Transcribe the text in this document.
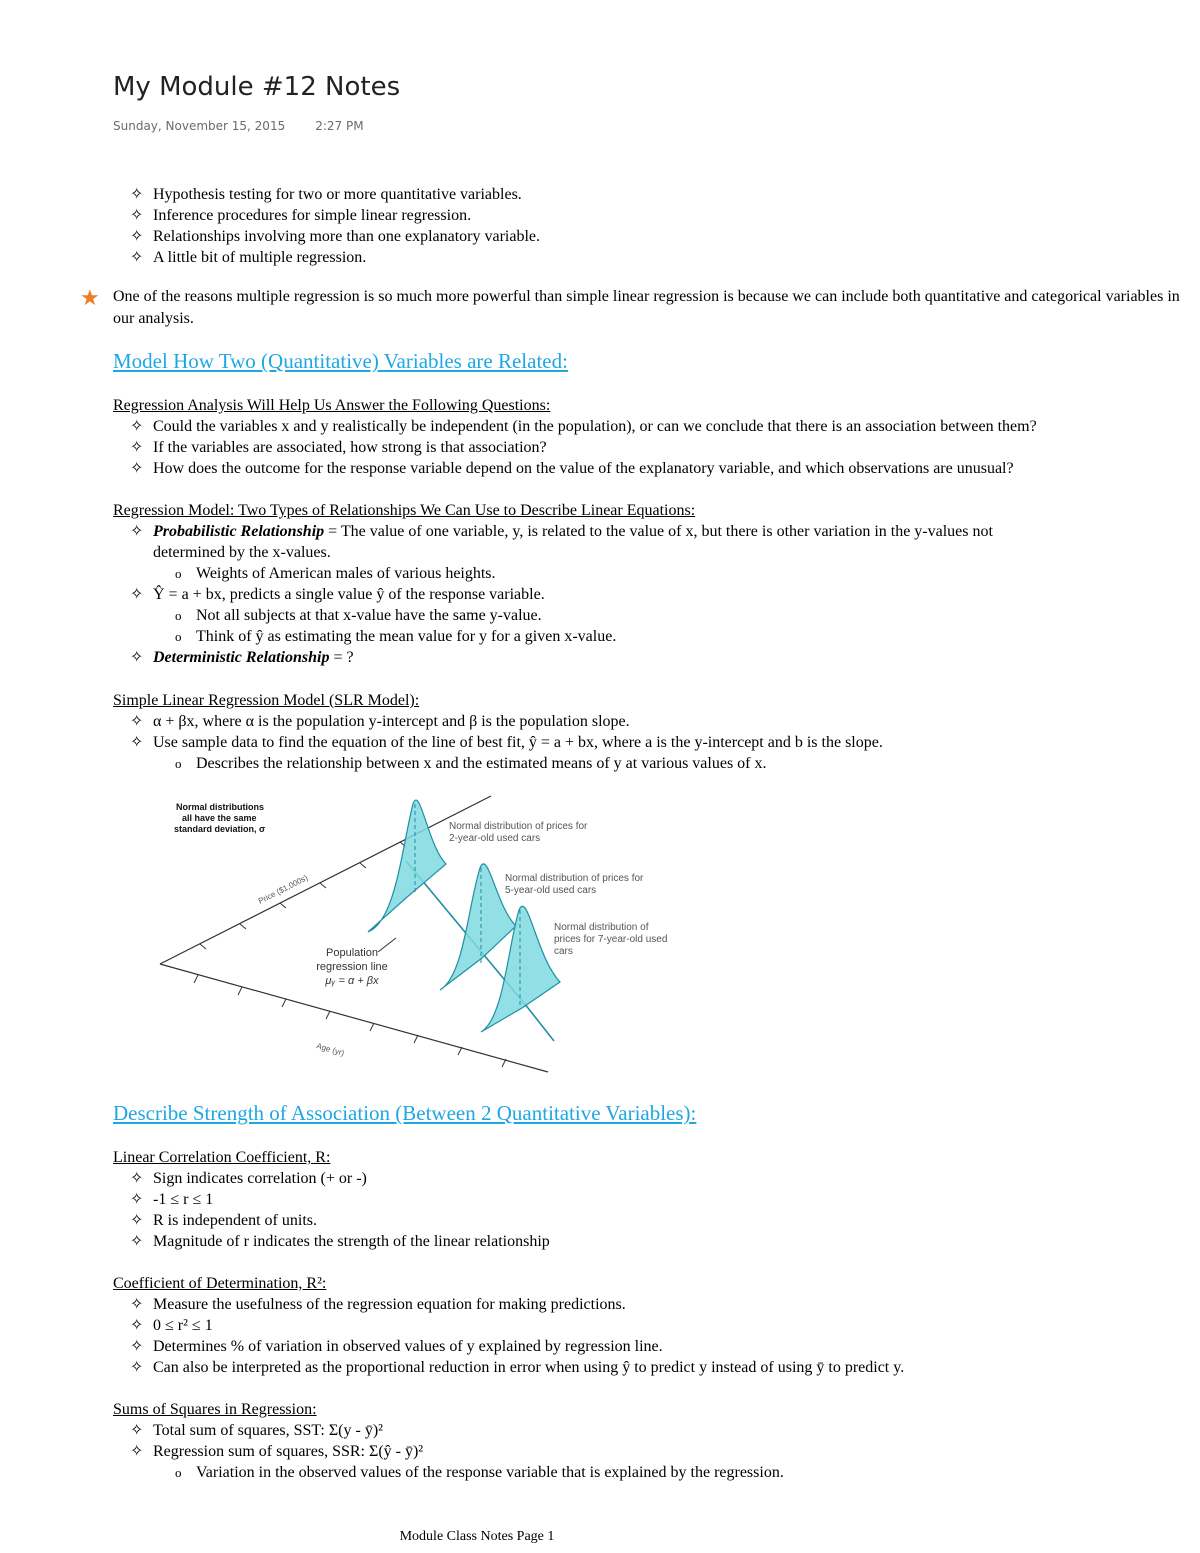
My Module #12 Notes
Sunday, November 15, 2015	2:27 PM
✧ Hypothesis testing for two or more quantitative variables.
✧ Inference procedures for simple linear regression.
✧ Relationships involving more than one explanatory variable.
✧ A little bit of multiple regression.
★ One of the reasons multiple regression is so much more powerful than simple linear regression is because we can include both quantitative and categorical variables in our analysis.
Model How Two (Quantitative) Variables are Related:
Regression Analysis Will Help Us Answer the Following Questions:
✧ Could the variables x and y realistically be independent (in the population), or can we conclude that there is an association between them?
✧ If the variables are associated, how strong is that association?
✧ How does the outcome for the response variable depend on the value of the explanatory variable, and which observations are unusual?
Regression Model: Two Types of Relationships We Can Use to Describe Linear Equations:
✧ Probabilistic Relationship = The value of one variable, y, is related to the value of x, but there is other variation in the y-values not
determined by the x-values.
o Weights of American males of various heights.
✧ Ŷ = a + bx, predicts a single value ŷ of the response variable.
o Not all subjects at that x-value have the same y-value.
o Think of ŷ as estimating the mean value for y for a given x-value.
✧ Deterministic Relationship = ?
Simple Linear Regression Model (SLR Model):
✧ α + βx, where α is the population y-intercept and β is the population slope.
✧ Use sample data to find the equation of the line of best fit, ŷ = a + bx, where a is the y-intercept and b is the slope.
o Describes the relationship between x and the estimated means of y at various values of x.
Normal distributions
all have the same
standard deviation, σ	Normal distribution of prices for
2-year-old used cars
Normal distribution of prices for
5-year-old used cars
Normal distribution of
prices for 7-year-old used
cars
Population
regression line
μᵧ = α + βx
Age (yr)
Price ($1,000s)
Describe Strength of Association (Between 2 Quantitative Variables):
Linear Correlation Coefficient, R:
✧ Sign indicates correlation (+ or -)
✧ -1 ≤ r ≤ 1
✧ R is independent of units.
✧ Magnitude of r indicates the strength of the linear relationship
Coefficient of Determination, R²:
✧ Measure the usefulness of the regression equation for making predictions.
✧ 0 ≤ r² ≤ 1
✧ Determines % of variation in observed values of y explained by regression line.
✧ Can also be interpreted as the proportional reduction in error when using ŷ to predict y instead of using ȳ to predict y.
Sums of Squares in Regression:
✧ Total sum of squares, SST: Σ(y - ȳ)²
✧ Regression sum of squares, SSR: Σ(ŷ - ȳ)²
o Variation in the observed values of the response variable that is explained by the regression.
Module Class Notes Page 1
